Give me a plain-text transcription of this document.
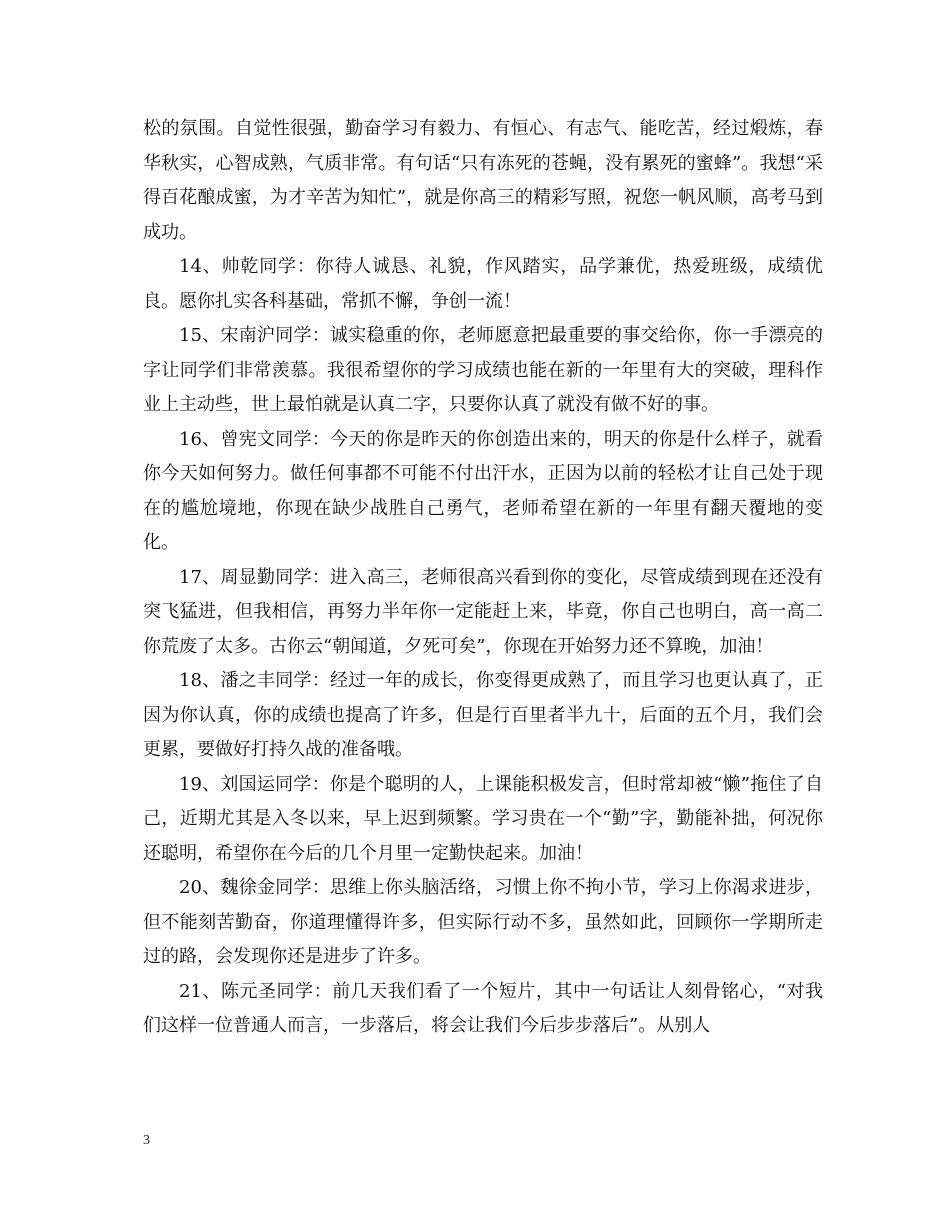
松的氛围。自觉性很强，勤奋学习有毅力、有恒心、有志气、能吃苦，经过煅炼，春华秋实，心智成熟，气质非常。有句话“只有冻死的苍蝇，没有累死的蜜蜂”。我想“采得百花酿成蜜，为才辛苦为知忙”，就是你高三的精彩写照，祝您一帆风顺，高考马到成功。

14、帅乾同学：你待人诚恳、礼貌，作风踏实，品学兼优，热爱班级，成绩优良。愿你扎实各科基础，常抓不懈，争创一流！

15、宋南沪同学：诚实稳重的你，老师愿意把最重要的事交给你，你一手漂亮的字让同学们非常羡慕。我很希望你的学习成绩也能在新的一年里有大的突破，理科作业上主动些，世上最怕就是认真二字，只要你认真了就没有做不好的事。

16、曾宪文同学：今天的你是昨天的你创造出来的，明天的你是什么样子，就看你今天如何努力。做任何事都不可能不付出汗水，正因为以前的轻松才让自己处于现在的尴尬境地，你现在缺少战胜自己勇气，老师希望在新的一年里有翻天覆地的变化。

17、周显勤同学：进入高三，老师很高兴看到你的变化，尽管成绩到现在还没有突飞猛进，但我相信，再努力半年你一定能赶上来，毕竟，你自己也明白，高一高二你荒废了太多。古你云“朝闻道，夕死可矣”，你现在开始努力还不算晚，加油！

18、潘之丰同学：经过一年的成长，你变得更成熟了，而且学习也更认真了，正因为你认真，你的成绩也提高了许多，但是行百里者半九十，后面的五个月，我们会更累，要做好打持久战的准备哦。

19、刘国运同学：你是个聪明的人，上课能积极发言，但时常却被“懒”拖住了自己，近期尤其是入冬以来，早上迟到频繁。学习贵在一个“勤”字，勤能补拙，何况你还聪明，希望你在今后的几个月里一定勤快起来。加油！

20、魏徐金同学：思维上你头脑活络，习惯上你不拘小节，学习上你渴求进步，但不能刻苦勤奋，你道理懂得许多，但实际行动不多，虽然如此，回顾你一学期所走过的路，会发现你还是进步了许多。

21、陈元圣同学：前几天我们看了一个短片，其中一句话让人刻骨铭心，“对我们这样一位普通人而言，一步落后，将会让我们今后步步落后”。从别人

3
